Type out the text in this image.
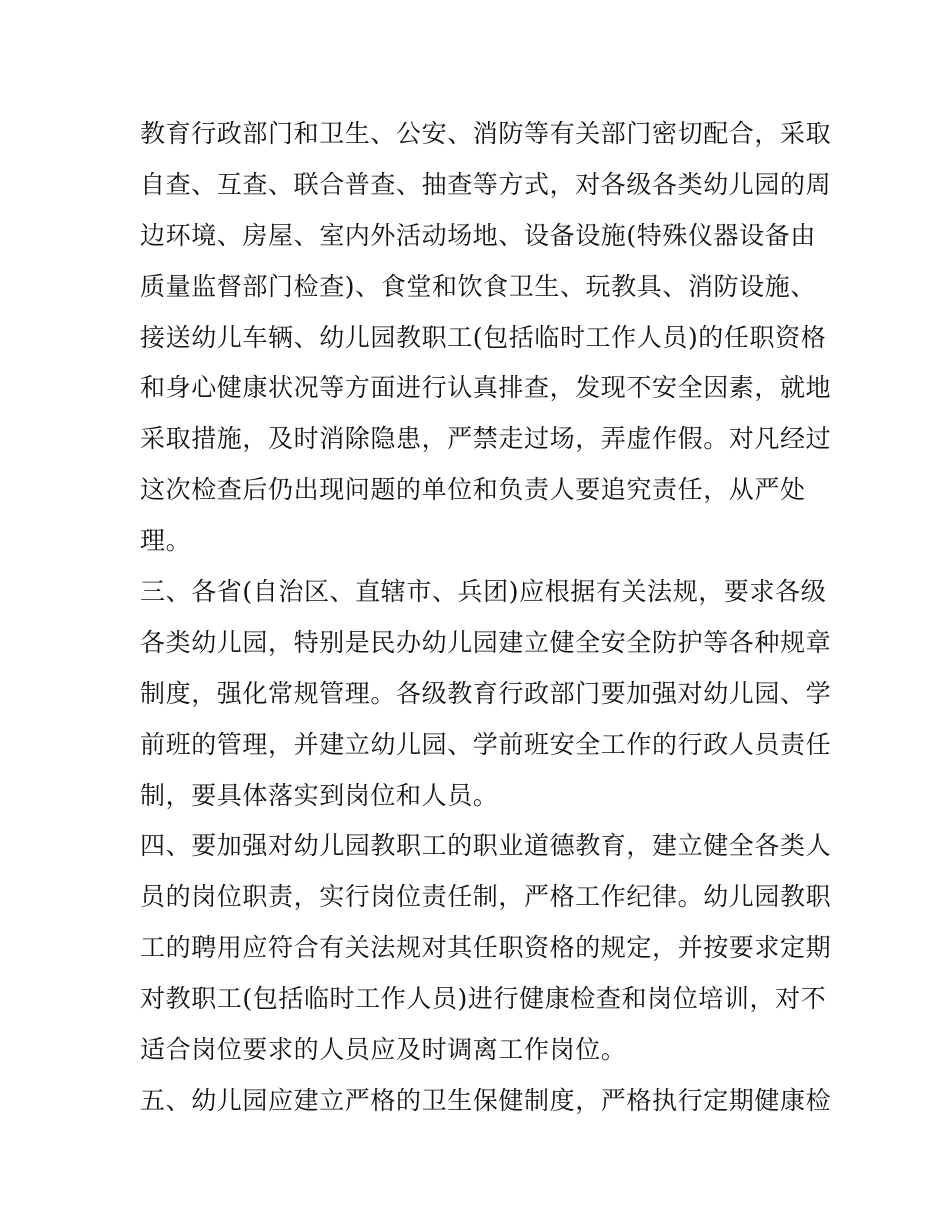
教育行政部门和卫生、公安、消防等有关部门密切配合，采取
自查、互查、联合普查、抽查等方式，对各级各类幼儿园的周
边环境、房屋、室内外活动场地、设备设施(特殊仪器设备由
质量监督部门检查)、食堂和饮食卫生、玩教具、消防设施、
接送幼儿车辆、幼儿园教职工(包括临时工作人员)的任职资格
和身心健康状况等方面进行认真排查，发现不安全因素，就地
采取措施，及时消除隐患，严禁走过场，弄虚作假。对凡经过
这次检查后仍出现问题的单位和负责人要追究责任，从严处
理。
三、各省(自治区、直辖市、兵团)应根据有关法规，要求各级
各类幼儿园，特别是民办幼儿园建立健全安全防护等各种规章
制度，强化常规管理。各级教育行政部门要加强对幼儿园、学
前班的管理，并建立幼儿园、学前班安全工作的行政人员责任
制，要具体落实到岗位和人员。
四、要加强对幼儿园教职工的职业道德教育，建立健全各类人
员的岗位职责，实行岗位责任制，严格工作纪律。幼儿园教职
工的聘用应符合有关法规对其任职资格的规定，并按要求定期
对教职工(包括临时工作人员)进行健康检查和岗位培训，对不
适合岗位要求的人员应及时调离工作岗位。
五、幼儿园应建立严格的卫生保健制度，严格执行定期健康检
